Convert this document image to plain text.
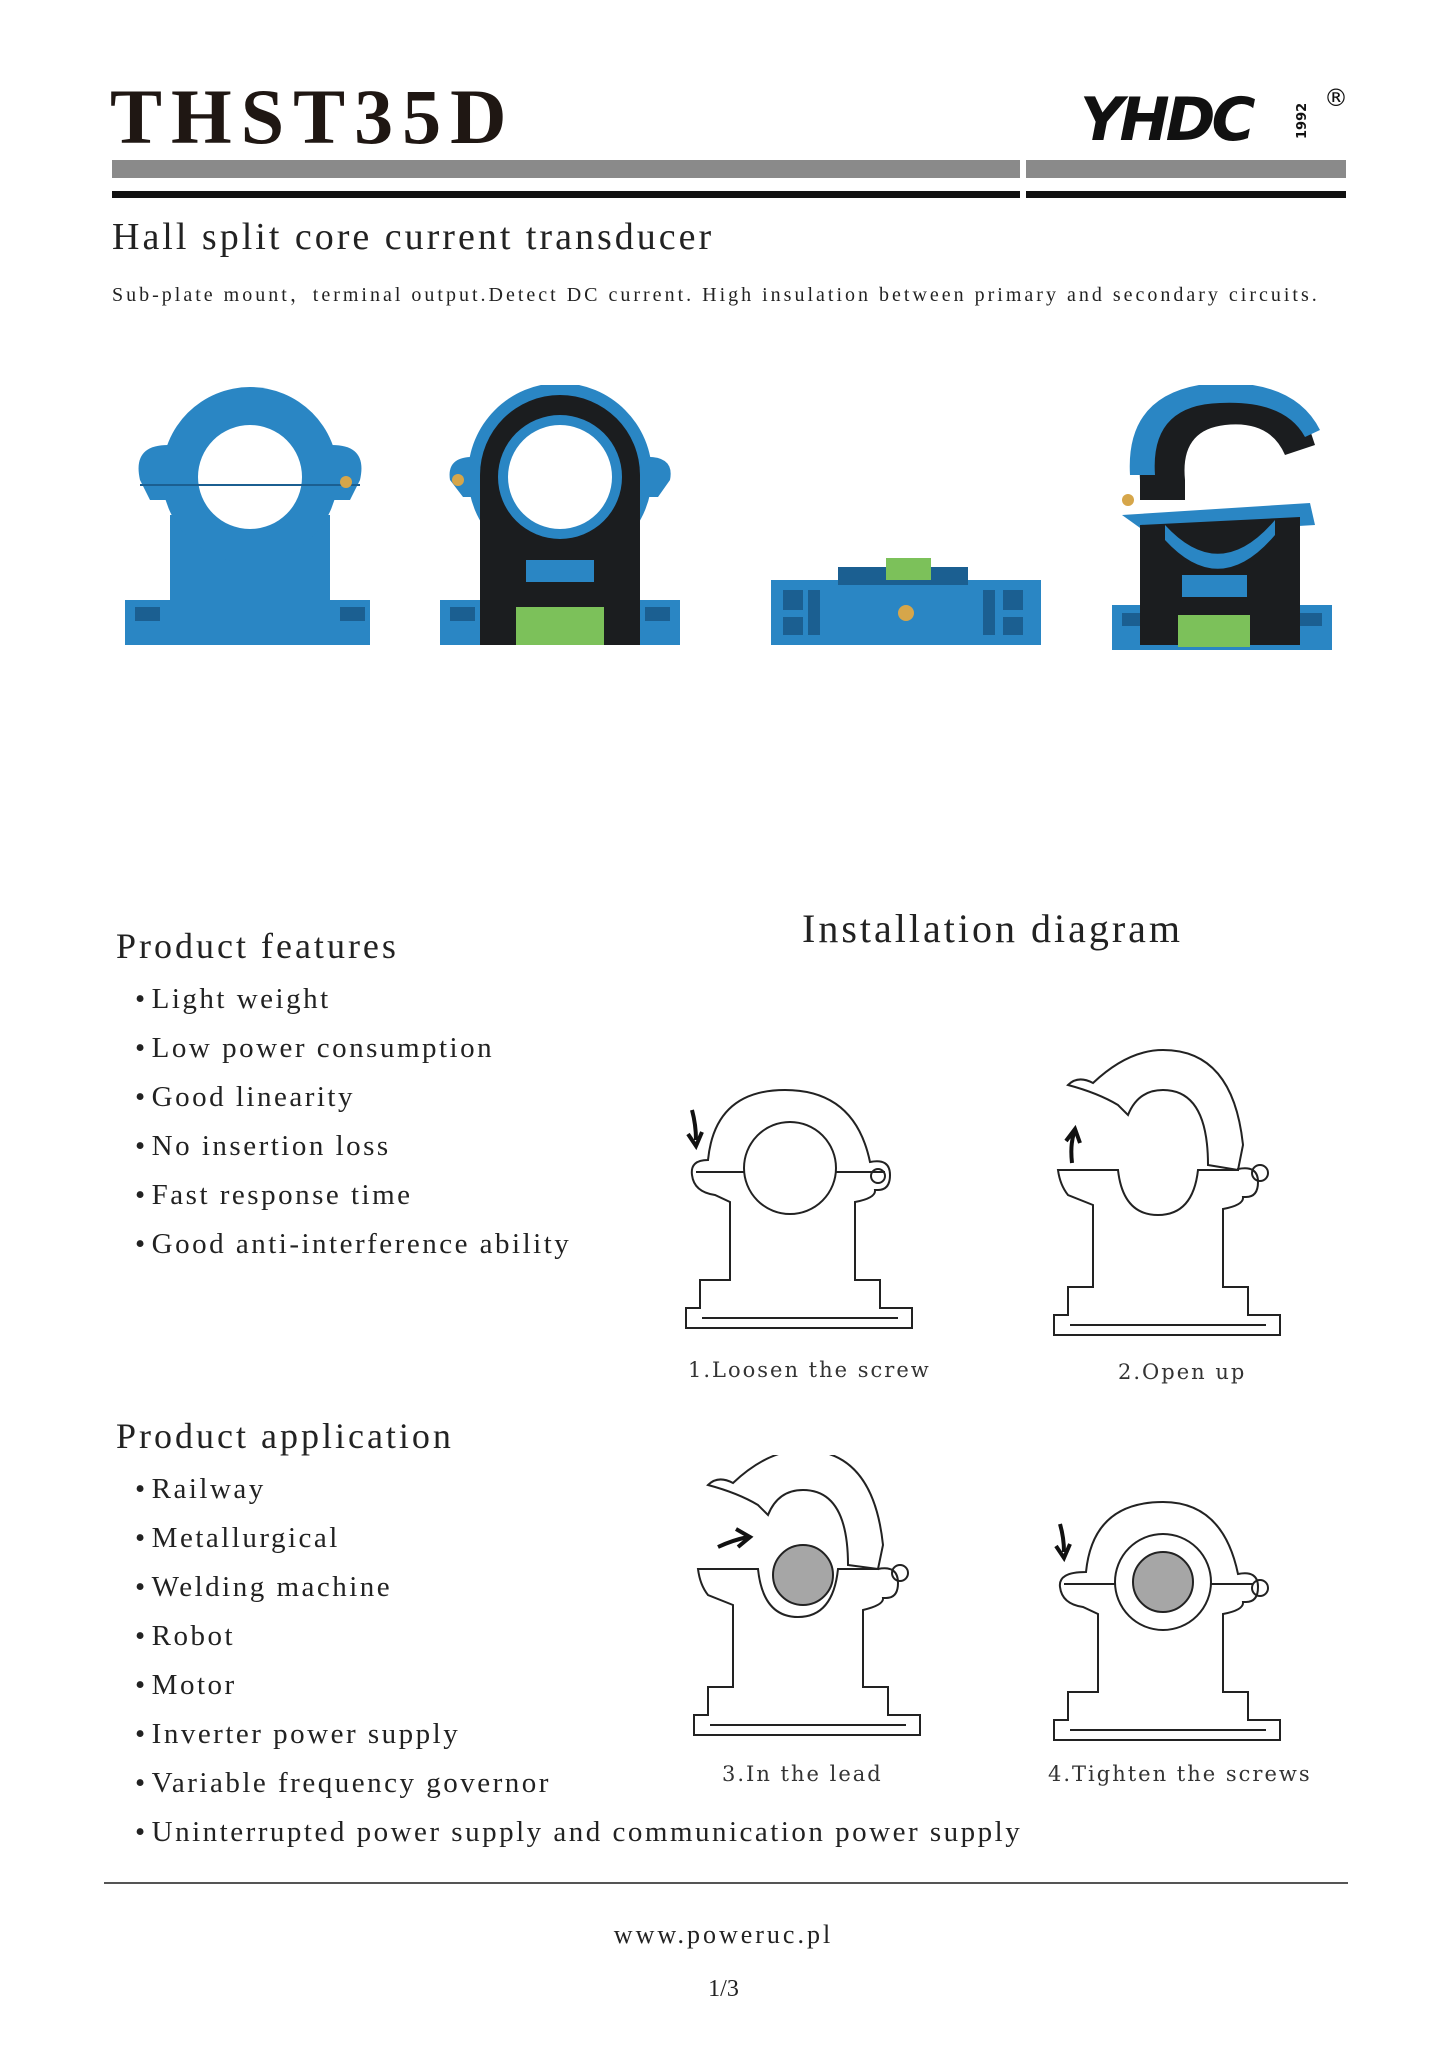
THST35D	YHDC	1992
®
Hall split core current transducer
Sub-plate mount，terminal output.Detect DC current. High insulation between primary and secondary circuits.
Product features
• Light weight
• Low power consumption
• Good linearity
• No insertion loss
• Fast response time
• Good anti-interference ability
Product application
• Railway
• Metallurgical
• Welding machine
• Robot
• Motor
• Inverter power supply
• Variable frequency governor
• Uninterrupted power supply and communication power supply
Installation diagram
1.Loosen the screw	2.Open up
3.In the lead	4.Tighten the screws
www.poweruc.pl
1/3
